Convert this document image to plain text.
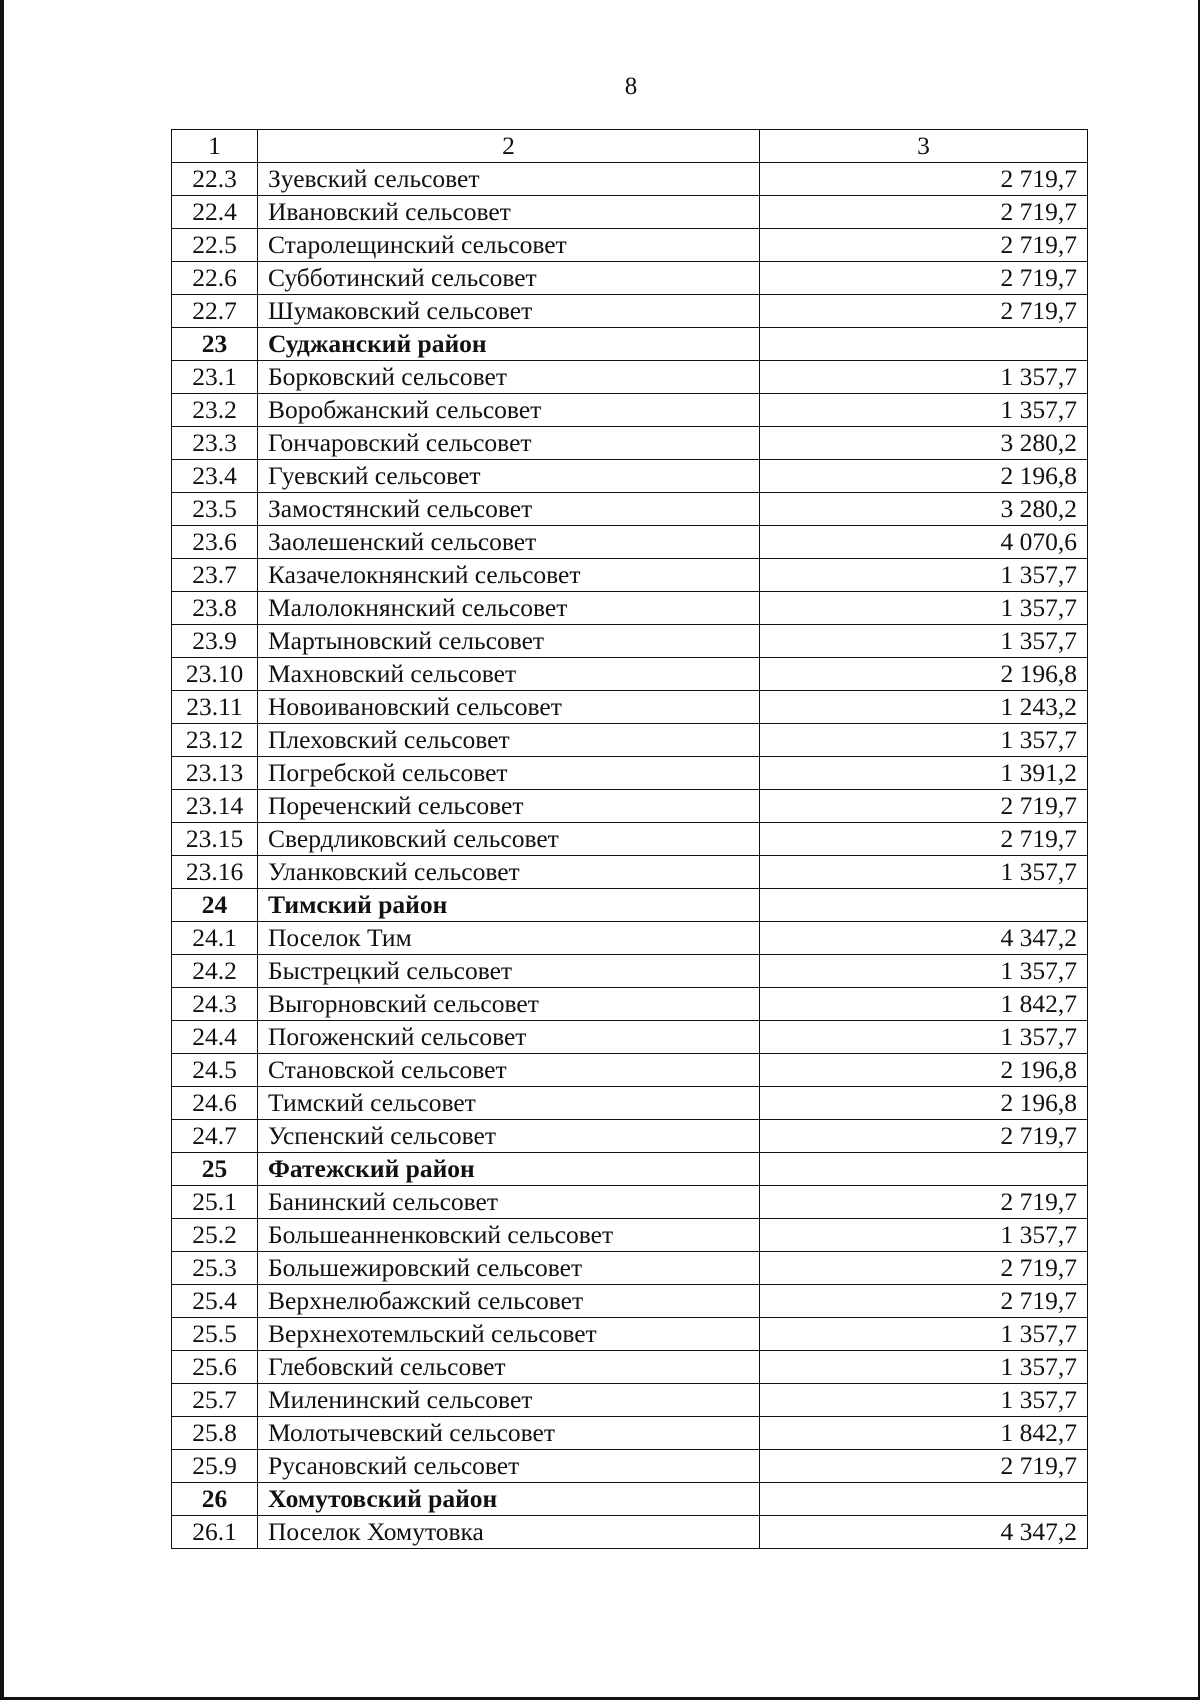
8
1	2	3
22.3	Зуевский сельсовет	2 719,7
22.4	Ивановский сельсовет	2 719,7
22.5	Старолещинский сельсовет	2 719,7
22.6	Субботинский сельсовет	2 719,7
22.7	Шумаковский сельсовет	2 719,7
23	Суджанский район	
23.1	Борковский сельсовет	1 357,7
23.2	Воробжанский сельсовет	1 357,7
23.3	Гончаровский сельсовет	3 280,2
23.4	Гуевский сельсовет	2 196,8
23.5	Замостянский сельсовет	3 280,2
23.6	Заолешенский сельсовет	4 070,6
23.7	Казачелокнянский сельсовет	1 357,7
23.8	Малолокнянский сельсовет	1 357,7
23.9	Мартыновский сельсовет	1 357,7
23.10	Махновский сельсовет	2 196,8
23.11	Новоивановский сельсовет	1 243,2
23.12	Плеховский сельсовет	1 357,7
23.13	Погребской сельсовет	1 391,2
23.14	Пореченский сельсовет	2 719,7
23.15	Свердликовский сельсовет	2 719,7
23.16	Уланковский сельсовет	1 357,7
24	Тимский район	
24.1	Поселок Тим	4 347,2
24.2	Быстрецкий сельсовет	1 357,7
24.3	Выгорновский сельсовет	1 842,7
24.4	Погоженский сельсовет	1 357,7
24.5	Становской сельсовет	2 196,8
24.6	Тимский сельсовет	2 196,8
24.7	Успенский сельсовет	2 719,7
25	Фатежский район	
25.1	Банинский сельсовет	2 719,7
25.2	Большеанненковский сельсовет	1 357,7
25.3	Большежировский сельсовет	2 719,7
25.4	Верхнелюбажский сельсовет	2 719,7
25.5	Верхнехотемльский сельсовет	1 357,7
25.6	Глебовский сельсовет	1 357,7
25.7	Миленинский сельсовет	1 357,7
25.8	Молотычевский сельсовет	1 842,7
25.9	Русановский сельсовет	2 719,7
26	Хомутовский район	
26.1	Поселок Хомутовка	4 347,2
